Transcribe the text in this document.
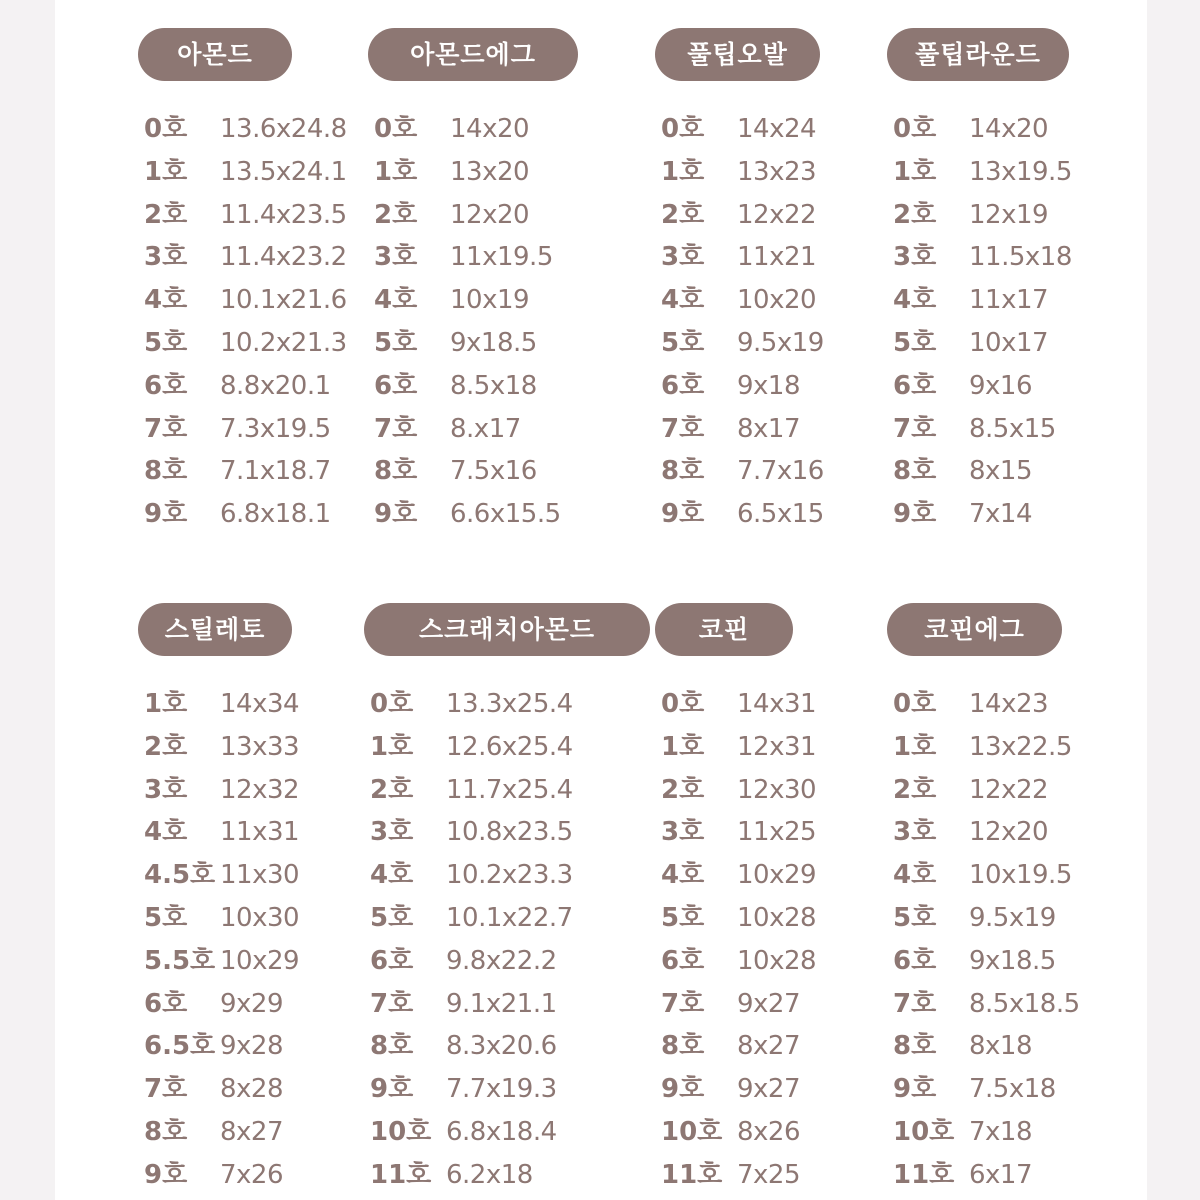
아몬드
0호 13.6x24.8
1호 13.5x24.1
2호 11.4x23.5
3호 11.4x23.2
4호 10.1x21.6
5호 10.2x21.3
6호 8.8x20.1
7호 7.3x19.5
8호 7.1x18.7
9호 6.8x18.1
아몬드에그
0호 14x20
1호 13x20
2호 12x20
3호 11x19.5
4호 10x19
5호 9x18.5
6호 8.5x18
7호 8.x17
8호 7.5x16
9호 6.6x15.5
풀팁오발
0호 14x24
1호 13x23
2호 12x22
3호 11x21
4호 10x20
5호 9.5x19
6호 9x18
7호 8x17
8호 7.7x16
9호 6.5x15
풀팁라운드
0호 14x20
1호 13x19.5
2호 12x19
3호 11.5x18
4호 11x17
5호 10x17
6호 9x16
7호 8.5x15
8호 8x15
9호 7x14
스틸레토
1호 14x34
2호 13x33
3호 12x32
4호 11x31
4.5호 11x30
5호 10x30
5.5호 10x29
6호 9x29
6.5호 9x28
7호 8x28
8호 8x27
9호 7x26
스크래치아몬드
0호 13.3x25.4
1호 12.6x25.4
2호 11.7x25.4
3호 10.8x23.5
4호 10.2x23.3
5호 10.1x22.7
6호 9.8x22.2
7호 9.1x21.1
8호 8.3x20.6
9호 7.7x19.3
10호 6.8x18.4
11호 6.2x18
코핀
0호 14x31
1호 12x31
2호 12x30
3호 11x25
4호 10x29
5호 10x28
6호 10x28
7호 9x27
8호 8x27
9호 9x27
10호 8x26
11호 7x25
코핀에그
0호 14x23
1호 13x22.5
2호 12x22
3호 12x20
4호 10x19.5
5호 9.5x19
6호 9x18.5
7호 8.5x18.5
8호 8x18
9호 7.5x18
10호 7x18
11호 6x17
